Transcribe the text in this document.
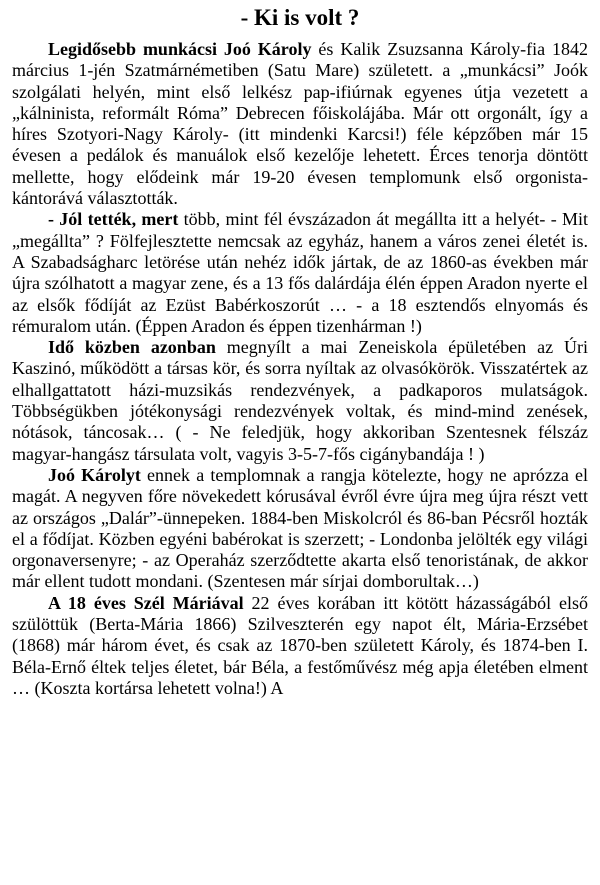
- Ki is volt ?

Legidősebb munkácsi Joó Károly és Kalik Zsuzsanna Károly-fia 1842 március 1-jén Szatmárnémetiben (Satu Mare) született. a „munkácsi” Joók szolgálati helyén, mint első lelkész pap-ifiúrnak egyenes útja vezetett a „kálninista, reformált Róma” Debrecen főiskolájába. Már ott orgonált, így a híres Szotyori-Nagy Károly- (itt mindenki Karcsi!) féle képzőben már 15 évesen a pedálok és manuálok első kezelője lehetett. Érces tenorja döntött mellette, hogy elődeink már 19-20 évesen templomunk első orgonista-kántorává választották.

- Jól tették, mert több, mint fél évszázadon át megállta itt a helyét- - Mit „megállta” ? Fölfejlesztette nemcsak az egyház, hanem a város zenei életét is. A Szabadságharc letörése után nehéz idők jártak, de az 1860-as években már újra szólhatott a magyar zene, és a 13 fős dalárdája élén éppen Aradon nyerte el az elsők fődíját az Ezüst Babérkoszorút … - a 18 esztendős elnyomás és rémuralom után. (Éppen Aradon és éppen tizenhárman !)

Idő közben azonban megnyílt a mai Zeneiskola épületében az Úri Kaszinó, működött a társas kör, és sorra nyíltak az olvasókörök. Visszatértek az elhallgattatott házi-muzsikás rendezvények, a padkaporos mulatságok. Többségükben jótékonysági rendezvények voltak, és mind-mind zenések, nótások, táncosak… ( - Ne feledjük, hogy akkoriban Szentesnek félszáz magyar-hangász társulata volt, vagyis 3-5-7-fős cigánybandája ! )

Joó Károlyt ennek a templomnak a rangja kötelezte, hogy ne aprózza el magát. A negyven főre növekedett kórusával évről évre újra meg újra részt vett az országos „Dalár”-ünnepeken. 1884-ben Miskolcról és 86-ban Pécsről hozták el a fődíjat. Közben egyéni babérokat is szerzett; - Londonba jelölték egy világi orgonaversenyre; - az Operaház szerződtette akarta első tenoristának, de akkor már ellent tudott mondani. (Szentesen már sírjai domborultak…)

A 18 éves Szél Máriával 22 éves korában itt kötött házasságából első szülöttük (Berta-Mária 1866) Szilveszterén egy napot élt, Mária-Erzsébet (1868) már három évet, és csak az 1870-ben született Károly, és 1874-ben I. Béla-Ernő éltek teljes életet, bár Béla, a festőművész még apja életében elment … (Koszta kortársa lehetett volna!) A
